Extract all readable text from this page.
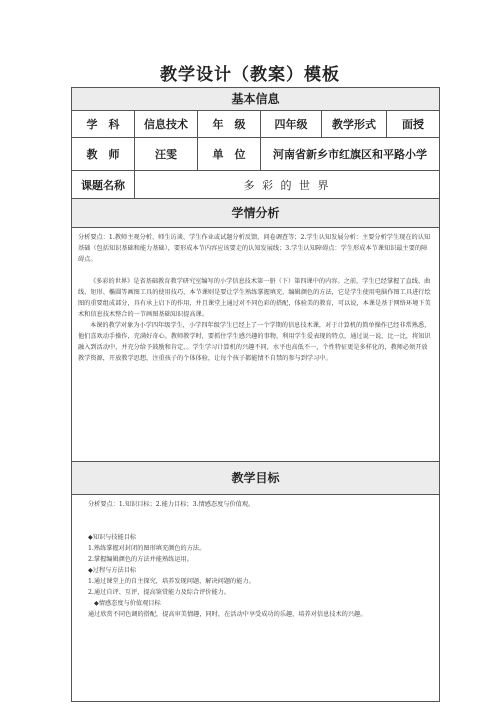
教学设计（教案）模板
基本信息
学　科	信息技术	年　级	四年级	教学形式	面授
教　师	汪雯	单　位	河南省新乡市红旗区和平路小学
课题名称	多 彩 的 世 界
学情分析

分析要点：1.教师主观分析、师生访谈、学生作业或试题分析反馈、问卷调查等；2.学生认知发展分析：主要分析学生现在的认知基础（包括知识基础和能力基础），要形成本节内容应该要走的认知发展线；3.学生认知障碍点：学生形成本节课知识最主要的障碍点。

《多彩的世界》是省基础教育教学研究室编写的小学信息技术第一册（下）第四课中的内容。之前，学生已经掌握了直线、曲线、矩形、椭圆等画图工具的使用技巧，本节课则是要让学生熟练掌握填充、编辑颜色的方法，它是学生使用电脑作图工具进行绘图的重要组成部分，具有承上启下的作用，并且课堂上通过对不同色彩的搭配，体验美的教育，可以说，本课是基于网络环境下美术和信息技术整合的一节画图基础知识提高课。

本课的教学对象为小学四年级学生，小学四年级学生已经上了一个学期的信息技术课，对于计算机的简单操作已经非常熟悉，他们喜欢动手操作，充满好奇心。教师教学时，要抓住学生感兴趣的事物，利用学生爱表现的特点，通过说一说，比一比，将知识融入到活动中，并充分给予鼓励和肯定，。学生学习计算机的兴趣不同，水平也高低不一，个性特征更是多样化的，教师必须开放教学资源，开放教学思想，注重孩子的个体体验，让每个孩子都能情不自禁的参与到学习中。

教学目标

分析要点：1.知识目标；2.能力目标；3.情感态度与价值观。

◆知识与技能目标

1.熟练掌握对封闭的图形填充颜色的方法。

2.掌握编辑颜色的方法并能熟练运用。

◆过程与方法目标

1.通过课堂上的自主探究，培养发现问题、解决问题的能力。

2.通过自评、互评，提高鉴赏能力及综合评价能力。

◆情感态度与价值观目标

通过欣赏不同色调的搭配，提高审美情趣，同时，在活动中享受成功的乐趣，培养对信息技术的兴趣。
